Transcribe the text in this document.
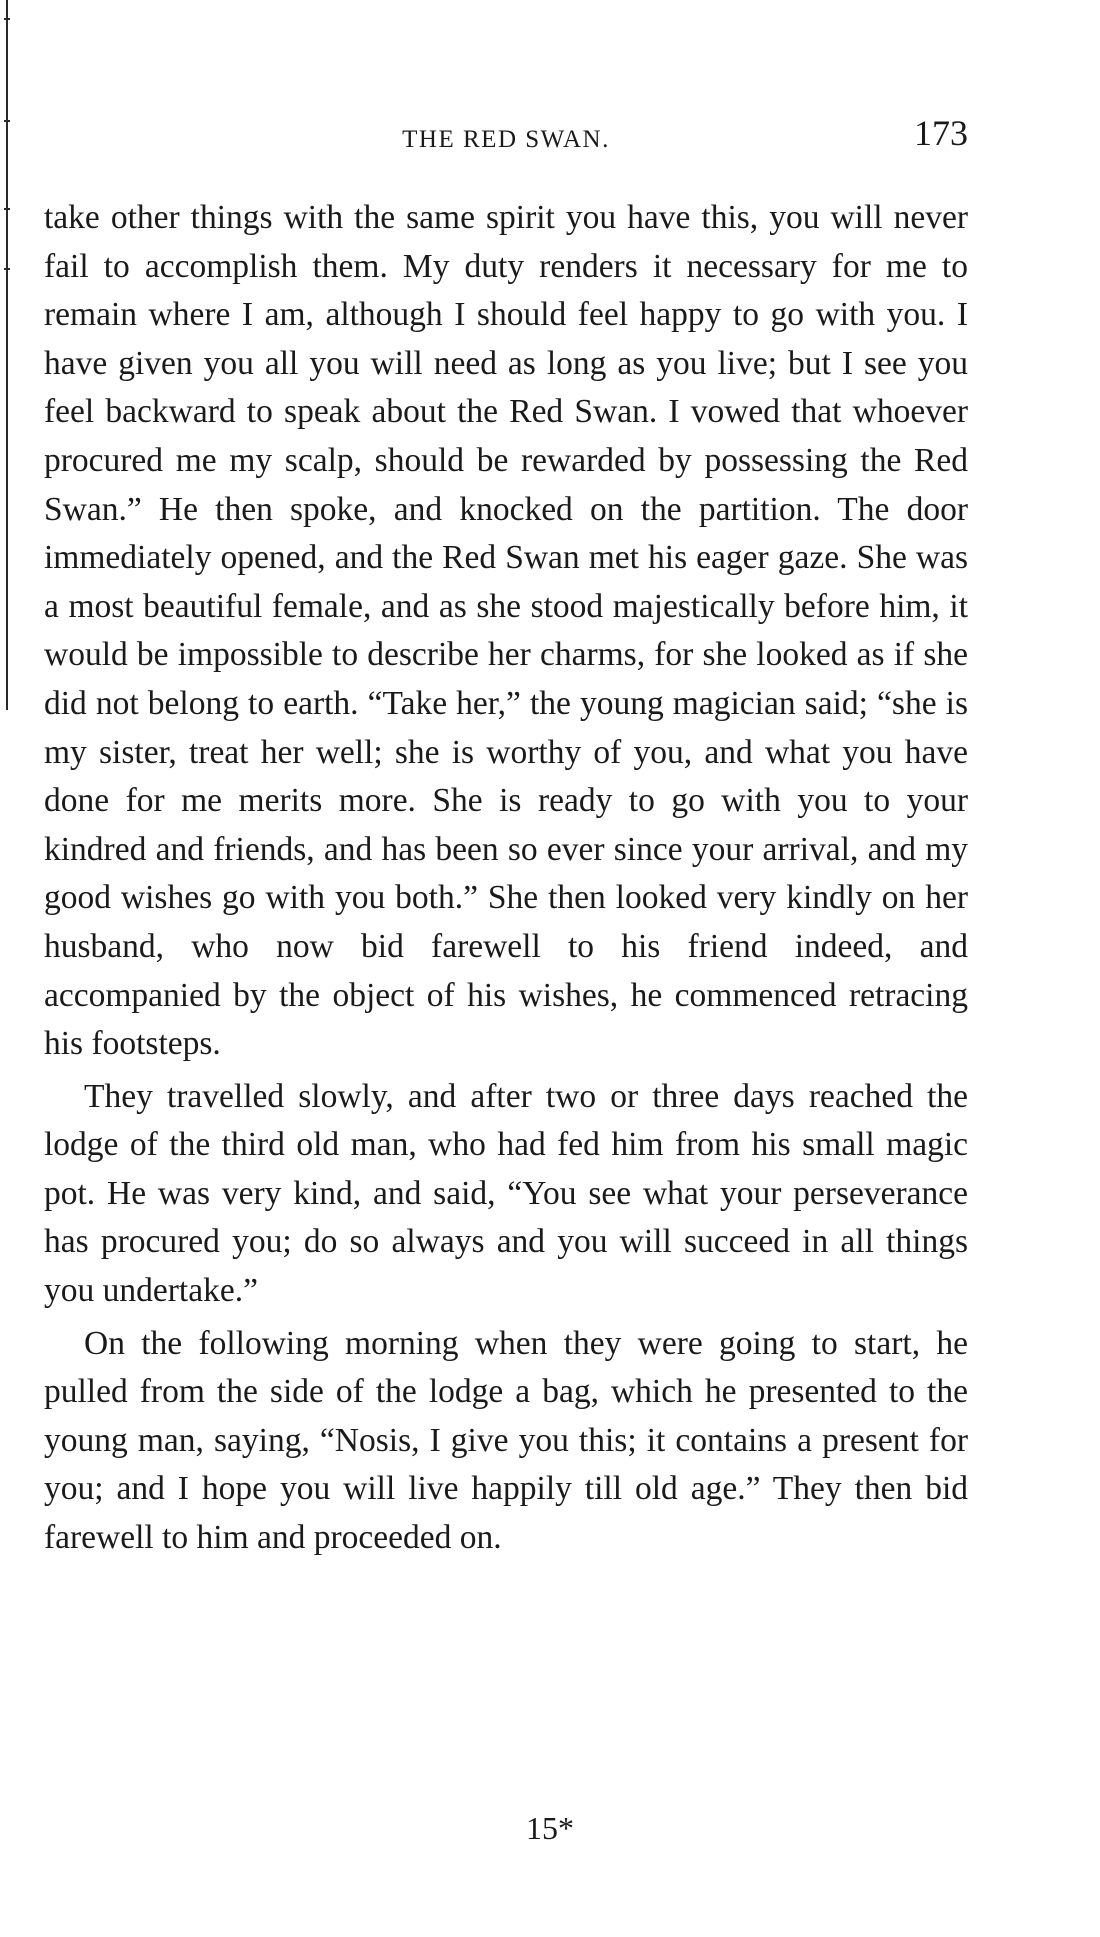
THE RED SWAN.	173

take other things with the same spirit you have this, you will never fail to accomplish them. My duty renders it necessary for me to remain where I am, although I should feel happy to go with you. I have given you all you will need as long as you live; but I see you feel backward to speak about the Red Swan. I vowed that whoever procured me my scalp, should be rewarded by possessing the Red Swan.” He then spoke, and knocked on the partition. The door immediately opened, and the Red Swan met his eager gaze. She was a most beautiful female, and as she stood majestically before him, it would be impossible to describe her charms, for she looked as if she did not belong to earth. “Take her,” the young magician said; “she is my sister, treat her well; she is worthy of you, and what you have done for me merits more. She is ready to go with you to your kindred and friends, and has been so ever since your arrival, and my good wishes go with you both.” She then looked very kindly on her husband, who now bid farewell to his friend indeed, and accompanied by the object of his wishes, he commenced retracing his footsteps.

They travelled slowly, and after two or three days reached the lodge of the third old man, who had fed him from his small magic pot. He was very kind, and said, “You see what your perseverance has procured you; do so always and you will succeed in all things you undertake.”

On the following morning when they were going to start, he pulled from the side of the lodge a bag, which he presented to the young man, saying, “Nosis, I give you this; it contains a present for you; and I hope you will live happily till old age.” They then bid farewell to him and proceeded on.

15*
